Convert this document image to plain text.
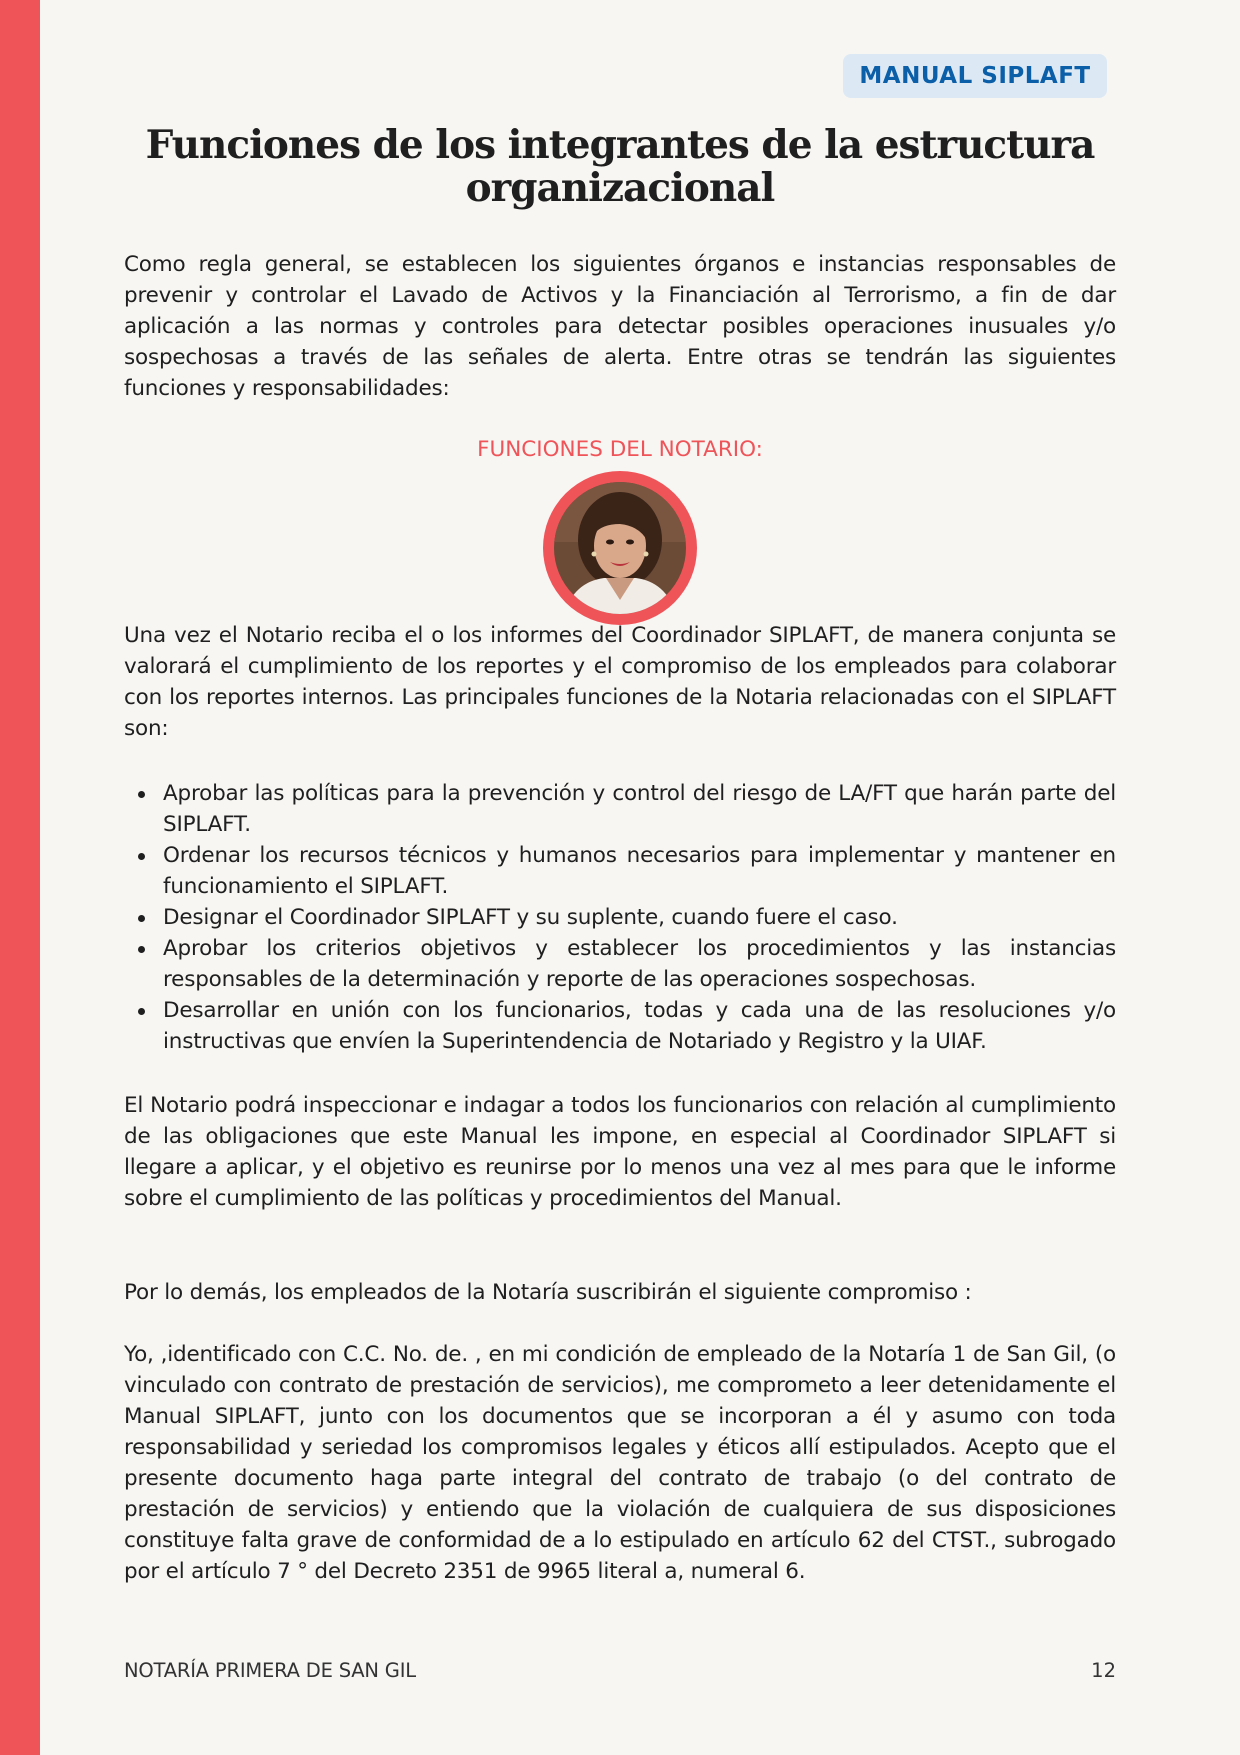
MANUAL SIPLAFT
Funciones de los integrantes de la estructura organizacional

Como regla general, se establecen los siguientes órganos e instancias responsables de prevenir y controlar el Lavado de Activos y la Financiación al Terrorismo, a fin de dar aplicación a las normas y controles para detectar posibles operaciones inusuales y/o sospechosas a través de las señales de alerta. Entre otras se tendrán las siguientes funciones y responsabilidades:

FUNCIONES DEL NOTARIO:

Una vez el Notario reciba el o los informes del Coordinador SIPLAFT, de manera conjunta se valorará el cumplimiento de los reportes y el compromiso de los empleados para colaborar con los reportes internos. Las principales funciones de la Notaria relacionadas con el SIPLAFT son:

Aprobar las políticas para la prevención y control del riesgo de LA/FT que harán parte del SIPLAFT.
Ordenar los recursos técnicos y humanos necesarios para implementar y mantener en funcionamiento el SIPLAFT.
Designar el Coordinador SIPLAFT y su suplente, cuando fuere el caso.
Aprobar los criterios objetivos y establecer los procedimientos y las instancias responsables de la determinación y reporte de las operaciones sospechosas.
Desarrollar en unión con los funcionarios, todas y cada una de las resoluciones y/o instructivas que envíen la Superintendencia de Notariado y Registro y la UIAF.

El Notario podrá inspeccionar e indagar a todos los funcionarios con relación al cumplimiento de las obligaciones que este Manual les impone, en especial al Coordinador SIPLAFT si llegare a aplicar, y el objetivo es reunirse por lo menos una vez al mes para que le informe sobre el cumplimiento de las políticas y procedimientos del Manual.

Por lo demás, los empleados de la Notaría suscribirán el siguiente compromiso :

Yo, ,identificado con C.C. No. de. , en mi condición de empleado de la Notaría 1 de San Gil, (o vinculado con contrato de prestación de servicios), me comprometo a leer detenidamente el Manual SIPLAFT, junto con los documentos que se incorporan a él y asumo con toda responsabilidad y seriedad los compromisos legales y éticos allí estipulados. Acepto que el presente documento haga parte integral del contrato de trabajo (o del contrato de prestación de servicios) y entiendo que la violación de cualquiera de sus disposiciones constituye falta grave de conformidad de a lo estipulado en artículo 62 del CTST., subrogado por el artículo 7 ° del Decreto 2351 de 9965 literal a, numeral 6.

NOTARÍA PRIMERA DE SAN GIL	12
